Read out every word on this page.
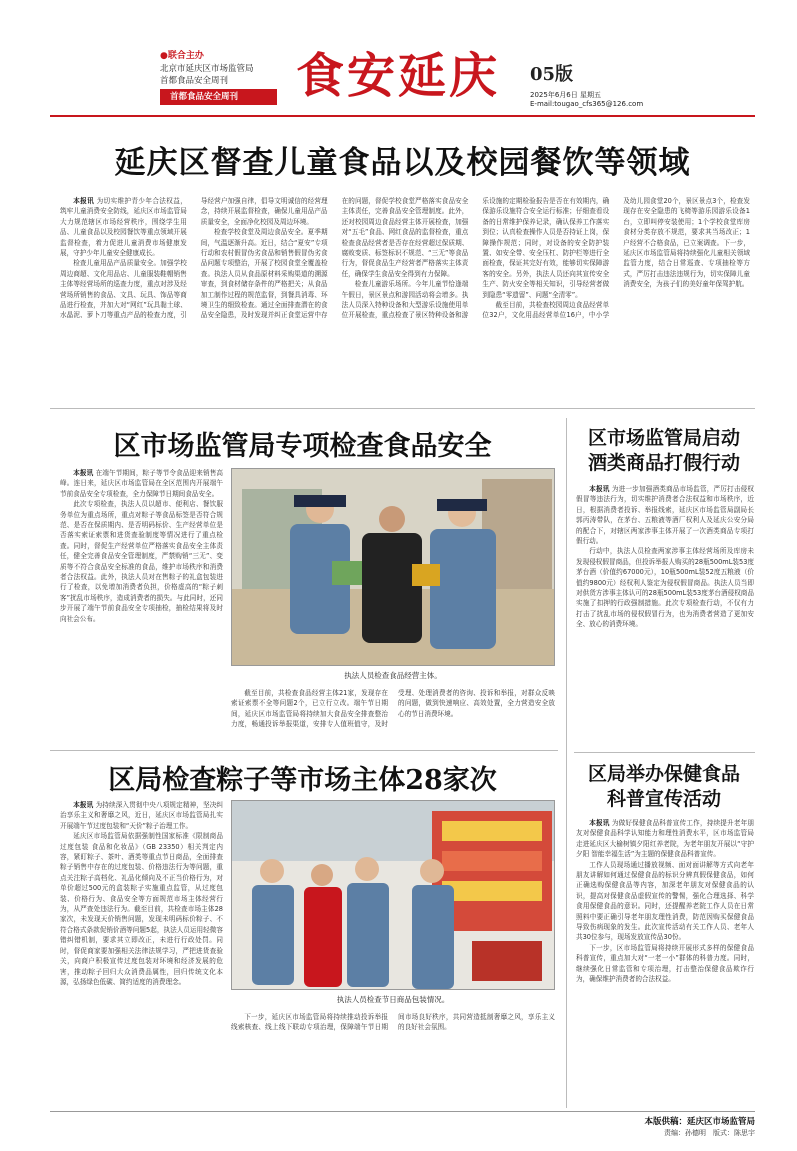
●联合主办
北京市延庆区市场监管局
首都食品安全周刊
首都食品安全周刊	食安延庆 05版
2025年6月6日 星期五
E-mail:tougao_cfs365@126.com
延庆区督查儿童食品以及校园餐饮等领域

本报讯 为切实维护青少年合法权益，筑牢儿童消费安全防线，延庆区市场监管局大力规范辖区市场经营秩序，围绕学生用品、儿童食品以及校园餐饮等重点领域开展监督检查，着力促进儿童消费市场健康发展，守护少年儿童安全健康成长。

检查儿童用品产品质量安全。加强学校周边商超、文化用品店、儿童服装鞋帽销售主体等经营场所的巡查力度，重点对涉及经营场所销售的食品、文具、玩具、饰品等商品进行检查，并加大对“网红”玩具黏土球、水晶泥、萝卜刀等重点产品的检查力度，引导经营户加强自律，倡导文明诚信的经营理念，持续开展监督检查，确保儿童用品产品质量安全，全面净化校园及周边环境。

检查学校食堂及周边食品安全。夏季期间，气温逐渐升高。近日，结合“夏安”专项行动和农村假冒伪劣食品和销售假冒伪劣食品问题专项整治，开展了校园食堂全覆盖检查。执法人员从食品原材料采购渠道的溯源审查，到食材储存条件的严格把关；从食品加工制作过程的规范监督，到餐具消毒、环境卫生的细致检查。通过全面排查潜在的食品安全隐患，及时发现并纠正食堂运营中存在的问题，督促学校食堂严格落实食品安全主体责任，完善食品安全管理制度。此外，还对校园周边食品经营主体开展检查，加强对“五毛”食品、网红食品的监督检查，重点检查食品经营者是否存在经营超过保质期、腐败变质、标签标识不规范、“三无”等食品行为，督促食品生产经营者严格落实主体责任，确保学生食品安全得到有力保障。

检查儿童游乐场所。今年儿童节恰逢端午假日，景区景点和游园活动将会增多。执法人员深入特种设备和大型游乐设施使用单位开展检查，重点检查了景区特种设备和游乐设施的定期检验报告是否在有效期内，确保游乐设施符合安全运行标准；仔细查看设备的日常维护保养记录，确认保养工作落实到位；认真检查操作人员是否持证上岗，保障操作规范；同时，对设备的安全防护装置、如安全带、安全压杠、防护栏等进行全面检查，保证其完好有效，能够切实保障游客的安全。另外，执法人员还向其宣传安全生产、防火安全等相关知识，引导经营者做到隐患“零遗留”、问题“全清零”。

截至目前，共检查校园周边食品经营单位32户，文化用品经营单位16户，中小学及幼儿园食堂20个，景区景点3个，检查发现存在安全隐患的飞椅等游乐园游乐设备1台，立即叫停安装使用；1个学校食堂库房食材分类存放不规范，要求其当场改正；1户经营不合格食品，已立案调查。下一步，延庆区市场监管局将持续强化儿童相关领域监管力度，结合日常巡查、专项抽检等方式，严厉打击违法违规行为，切实保障儿童消费安全，为孩子们的美好童年保驾护航。

区市场监管局专项检查食品安全

本报讯 在端午节期间，粽子等节令食品迎来销售高峰。连日来，延庆区市场监管局在全区范围内开展端午节前食品安全专项检查，全力保障节日期间食品安全。

此次专项检查，执法人员以超市、便利店、餐饮服务单位为重点场所，重点对粽子等食品标签是否符合规范、是否在保质期内、是否明码标价、生产经营单位是否落实索证索票和进货查验制度等情况进行了重点检查。同时，督促生产经营单位严格落实食品安全主体责任，健全完善食品安全管理制度，严禁购销“三无”、变质等不符合食品安全标准的食品，维护市场秩序和消费者合法权益。此外，执法人员对在售粽子的礼盒包装进行了检查，以免增加消费者负担，价格虚高的“粽子刺客”扰乱市场秩序，造成消费者的损失。与此同时，还同步开展了端午节前食品安全专项抽检，抽检结果将及时向社会公布。

执法人员检查食品经营主体。

截至目前，共检查食品经营主体21家，发现存在索证索票不全等问题2个，已立行立改。端午节日期间，延庆区市场监管局将持续加大食品安全排查整治力度，畅通投诉举报渠道，安排专人值班值守，及时受理、处理消费者的咨询、投诉和举报，对群众反映的问题，做到快速响应、高效处置，全力营造安全放心的节日消费环境。

区局检查粽子等市场主体28家次

本报讯 为持续深入贯彻中央八项规定精神，坚决纠治享乐主义和奢靡之风，近日，延庆区市场监管局扎实开展端午节过度包装和“天价”粽子治理工作。

延庆区市场监管局依据强制性国家标准《限制商品过度包装 食品和化妆品》（GB 23350）相关判定内容，紧盯粽子、茶叶、酒类等重点节日商品，全面排查粽子销售中存在的过度包装、价格违法行为等问题，重点关注粽子高档化、礼品化倾向及不正当价格行为，对单价超过500元的盒装粽子实施重点监管，从过度包装、价格行为、食品安全等方面规范市场主体经营行为，从严查处违法行为。截至目前，共检查市场主体28家次，未发现天价销售问题，发现未明码标价粽子、不符合格式条款促销价酒等问题5起，执法人员运用轻微容错纠错机制，要求其立即改正，未进行行政处罚。同时，督促商家要加强相关法律法规学习，严把进货查验关，向商户积极宣传过度包装对环境和经济发展的危害，推动粽子回归大众消费品属性，回归传统文化本源，弘扬绿色低碳、简约适度的消费理念。

执法人员检查节日商品包装情况。

下一步，延庆区市场监管局将持续推动投诉举报线索核查、线上线下联动专项治理，保障端午节日期间市场良好秩序，共同营造抵制奢靡之风，享乐主义的良好社会氛围。

区市场监管局启动
酒类商品打假行动

本报讯 为进一步加强酒类商品市场监管，严厉打击侵权假冒等违法行为，切实维护消费者合法权益和市场秩序，近日，根据消费者投诉、举报线索，延庆区市场监管局副局长郭丙涛带队，在茅台、五粮液等酒厂权利人及延庆公安分局的配合下，对辖区两家涉事主体开展了一次酒类商品专项打假行动。

行动中，执法人员检查两家涉事主体经营场所及库房未发现侵权假冒商品，但投诉举报人购买的28瓶500mL装53度茅台酒（价值约67000元），10瓶500mL装52度五粮液（价值约9800元）经权利人鉴定为侵权假冒商品。执法人员当即对供货方涉事主体认可的28瓶500mL装53度茅台酒侵权商品实施了扣押的行政强制措施。此次专项检查行动，不仅有力打击了扰乱市场的侵权假冒行为，也为消费者营造了更加安全、放心的消费环境。

区局举办保健食品
科普宣传活动

本报讯 为做好保健食品科普宣传工作，持续提升老年朋友对保健食品科学认知能力和理性消费水平，区市场监管局走进延庆区大榆树镇夕阳红养老院，为老年朋友开展以“守护夕阳 智能幸福生活”为主题的保健食品科普宣传。

工作人员现场通过播放视频、面对面讲解等方式向老年朋友讲解如何通过保健食品的标识分辨真假保健食品，如何正确选购保健食品等内容，加深老年朋友对保健食品的认识，提高对保健食品虚假宣传的警惕，强化合理选择、科学食用保健食品的意识。同时，还提醒养老院工作人员在日常照料中要正确引导老年朋友理性消费，防范因购买保健食品导致伤病现象的发生。此次宣传活动有关工作人员、老年人共30位参与，现场发放宣传品30份。

下一步，区市场监管局将持续开展形式多样的保健食品科普宣传，重点加大对“一老一小”群体的科普力度。同时，继续强化日常监管和专项治理，打击整治保健食品欺诈行为，确保维护消费者的合法权益。

本版供稿：延庆区市场监管局
责编：孙德明　版式：陈思宇
